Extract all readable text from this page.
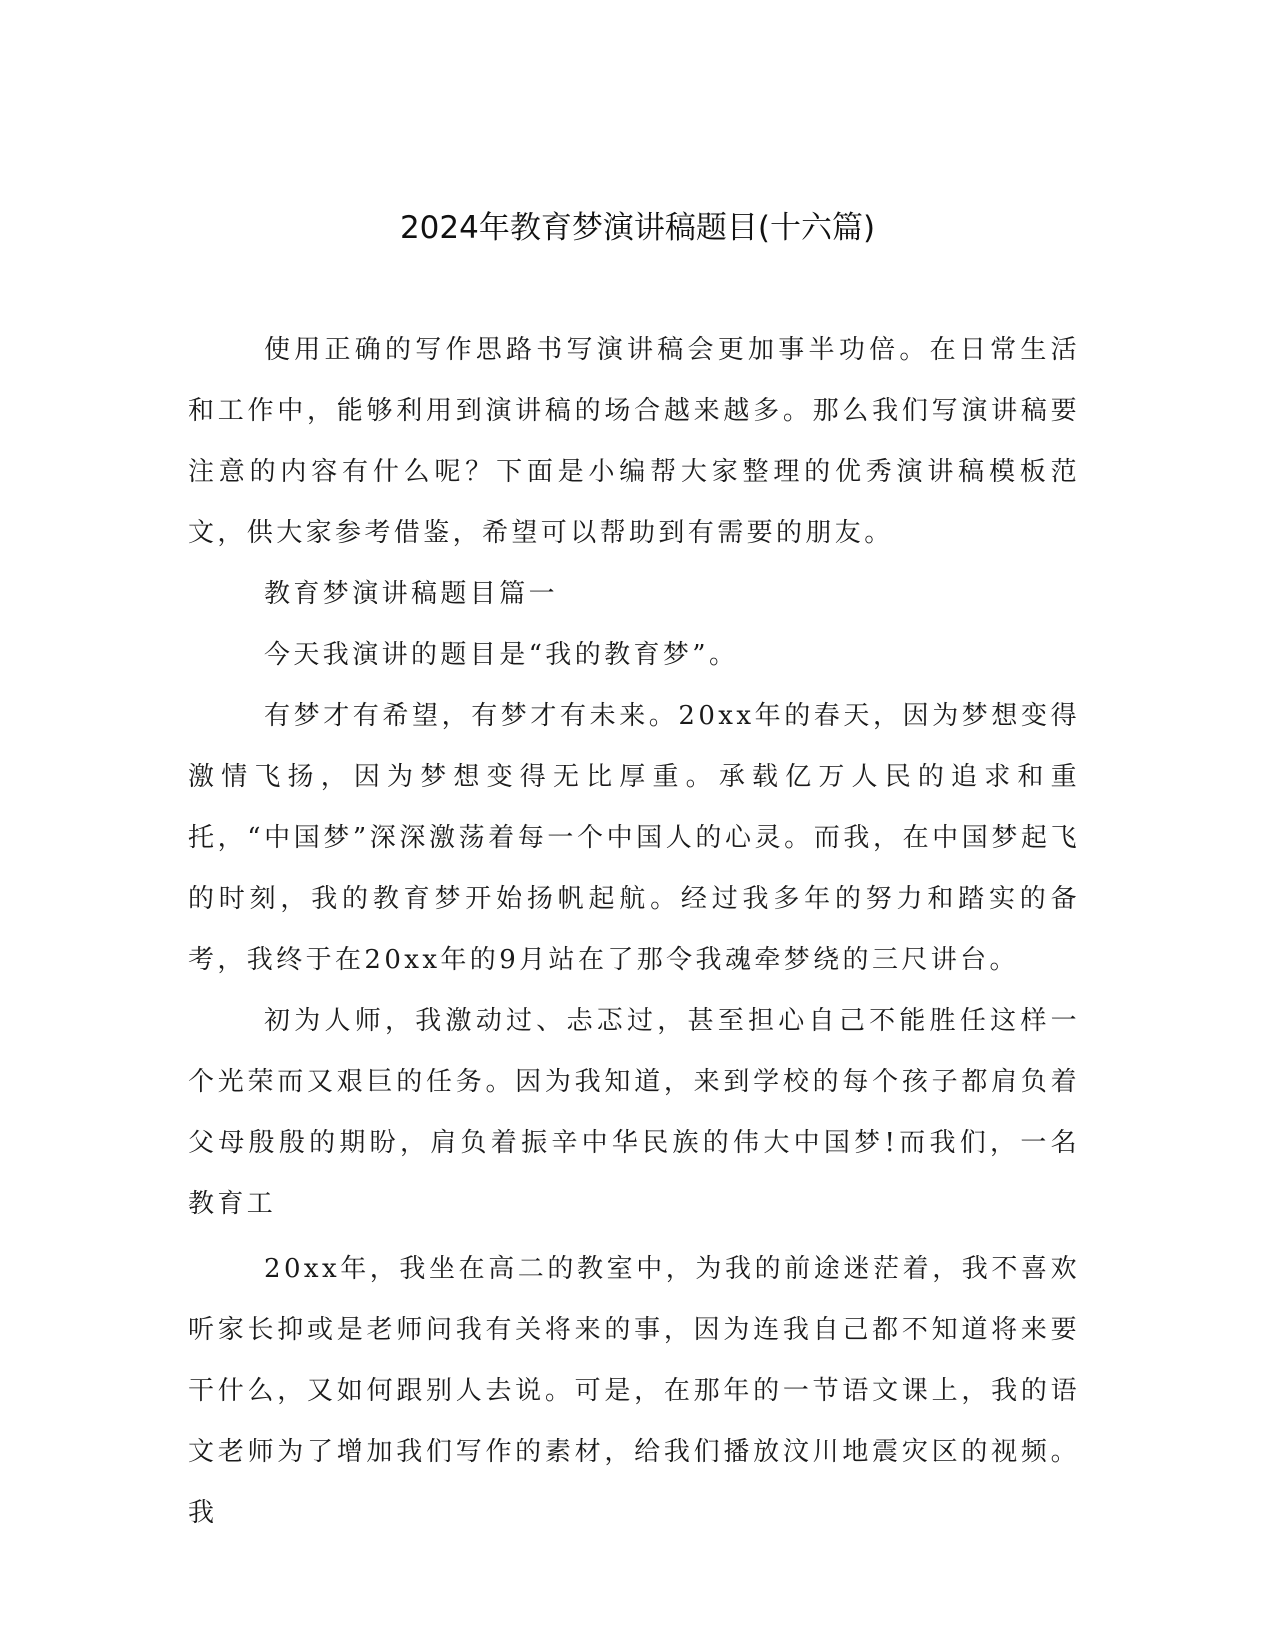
2024年教育梦演讲稿题目(十六篇)

使用正确的写作思路书写演讲稿会更加事半功倍。在日常生活和工作中，能够利用到演讲稿的场合越来越多。那么我们写演讲稿要注意的内容有什么呢？下面是小编帮大家整理的优秀演讲稿模板范文，供大家参考借鉴，希望可以帮助到有需要的朋友。

教育梦演讲稿题目篇一

今天我演讲的题目是“我的教育梦”。

有梦才有希望，有梦才有未来。20xx年的春天，因为梦想变得激情飞扬，因为梦想变得无比厚重。承载亿万人民的追求和重托，“中国梦”深深激荡着每一个中国人的心灵。而我，在中国梦起飞的时刻，我的教育梦开始扬帆起航。经过我多年的努力和踏实的备考，我终于在20xx年的9月站在了那令我魂牵梦绕的三尺讲台。

初为人师，我激动过、忐忑过，甚至担心自己不能胜任这样一个光荣而又艰巨的任务。因为我知道，来到学校的每个孩子都肩负着父母殷殷的期盼，肩负着振辛中华民族的伟大中国梦!而我们，一名教育工

20xx年，我坐在高二的教室中，为我的前途迷茫着，我不喜欢听家长抑或是老师问我有关将来的事，因为连我自己都不知道将来要干什么，又如何跟别人去说。可是，在那年的一节语文课上，我的语文老师为了增加我们写作的素材，给我们播放汶川地震灾区的视频。我
